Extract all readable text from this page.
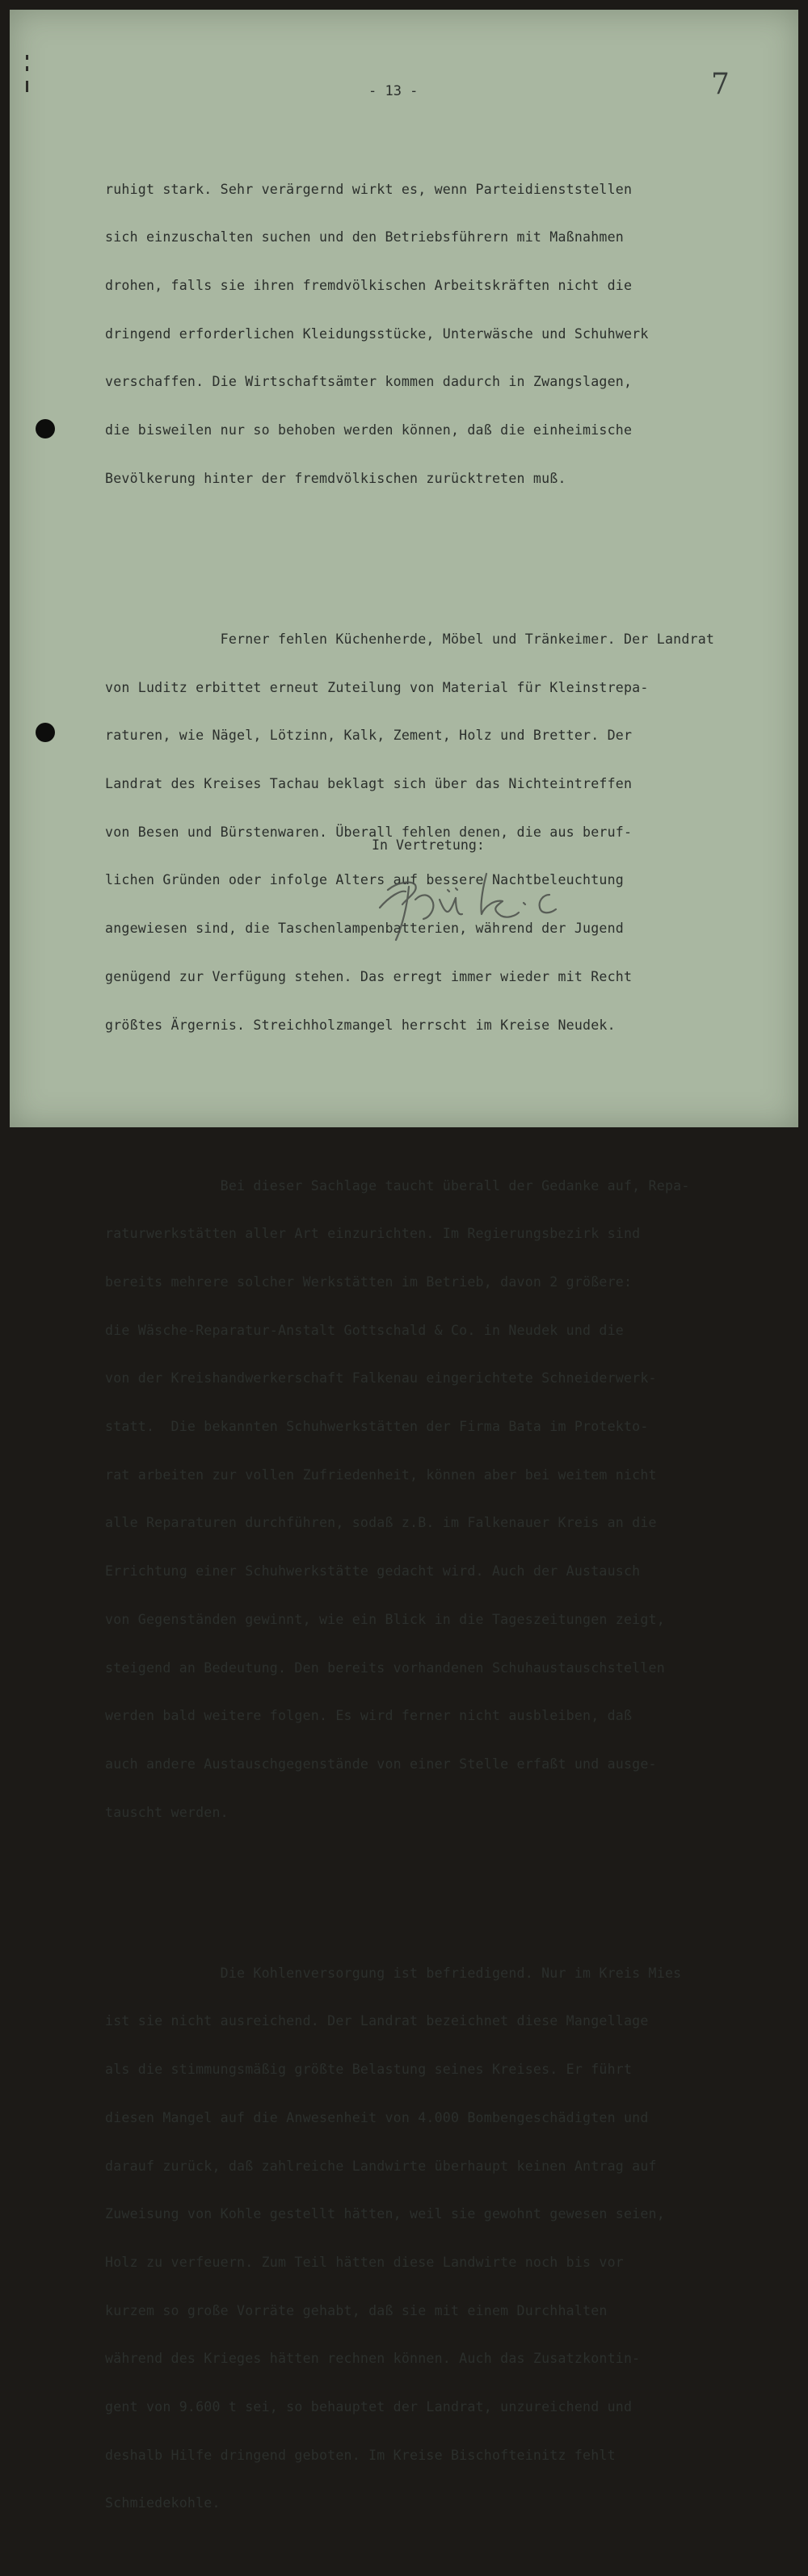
- 13 -	7

ruhigt stark. Sehr verärgernd wirkt es, wenn Parteidienststellen

sich einzuschalten suchen und den Betriebsführern mit Maßnahmen

drohen, falls sie ihren fremdvölkischen Arbeitskräften nicht die

dringend erforderlichen Kleidungsstücke, Unterwäsche und Schuhwerk

verschaffen. Die Wirtschaftsämter kommen dadurch in Zwangslagen,

die bisweilen nur so behoben werden können, daß die einheimische

Bevölkerung hinter der fremdvölkischen zurücktreten muß.

Ferner fehlen Küchenherde, Möbel und Tränkeimer. Der Landrat

von Luditz erbittet erneut Zuteilung von Material für Kleinstrepa-

raturen, wie Nägel, Lötzinn, Kalk, Zement, Holz und Bretter. Der

Landrat des Kreises Tachau beklagt sich über das Nichteintreffen

von Besen und Bürstenwaren. Überall fehlen denen, die aus beruf-

lichen Gründen oder infolge Alters auf bessere Nachtbeleuchtung

angewiesen sind, die Taschenlampenbatterien, während der Jugend

genügend zur Verfügung stehen. Das erregt immer wieder mit Recht

größtes Ärgernis. Streichholzmangel herrscht im Kreise Neudek.

Bei dieser Sachlage taucht überall der Gedanke auf, Repa-

raturwerkstätten aller Art einzurichten. Im Regierungsbezirk sind

bereits mehrere solcher Werkstätten im Betrieb, davon 2 größere:

die Wäsche-Reparatur-Anstalt Gottschald & Co. in Neudek und die

von der Kreishandwerkerschaft Falkenau eingerichtete Schneiderwerk-

statt.  Die bekannten Schuhwerkstätten der Firma Bata im Protekto-

rat arbeiten zur vollen Zufriedenheit, können aber bei weitem nicht

alle Reparaturen durchführen, sodaß z.B. im Falkenauer Kreis an die

Errichtung einer Schuhwerkstätte gedacht wird. Auch der Austausch

von Gegenständen gewinnt, wie ein Blick in die Tageszeitungen zeigt,

steigend an Bedeutung. Den bereits vorhandenen Schuhaustauschstellen

werden bald weitere folgen. Es wird ferner nicht ausbleiben, daß

auch andere Austauschgegenstände von einer Stelle erfaßt und ausge-

tauscht werden.

Die Kohlenversorgung ist befriedigend. Nur im Kreis Mies

ist sie nicht ausreichend. Der Landrat bezeichnet diese Mangellage

als die stimmungsmäßig größte Belastung seines Kreises. Er führt

diesen Mangel auf die Anwesenheit von 4.000 Bombengeschädigten und

darauf zurück, daß zahlreiche Landwirte überhaupt keinen Antrag auf

Zuweisung von Kohle gestellt hätten, weil sie gewohnt gewesen seien,

Holz zu verfeuern. Zum Teil hätten diese Landwirte noch bis vor

kurzem so große Vorräte gehabt, daß sie mit einem Durchhalten

während des Krieges hätten rechnen können. Auch das Zusatzkontin-

gent von 9.600 t sei, so behauptet der Landrat, unzureichend und

deshalb Hilfe dringend geboten. Im Kreise Bischofteinitz fehlt

Schmiedekohle.

In Vertretung:
